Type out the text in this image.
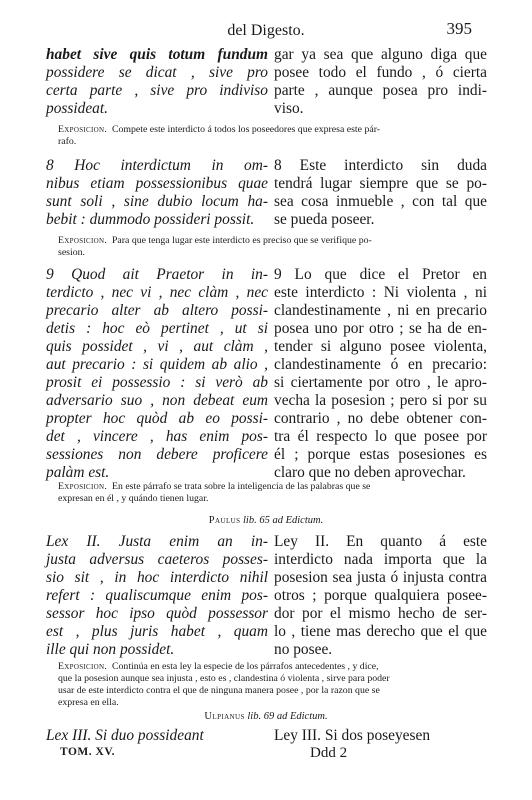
del Digesto.	395
habet sive quis totum fundum
possidere se dicat , sive pro
certa parte , sive pro indiviso
possideat.
gar ya sea que alguno diga que
posee todo el fundo , ó cierta
parte , aunque posea pro indi-
viso.
Exposicion. Compete este interdicto á todos los poseedores que expresa este pár-
rafo.
8 Hoc interdictum in om-
nibus etiam possessionibus quae
sunt soli , sine dubio locum ha-
bebit : dummodo possideri possit.
8 Este interdicto sin duda
tendrá lugar siempre que se po-
sea cosa inmueble , con tal que
se pueda poseer.
Exposicion. Para que tenga lugar este interdicto es preciso que se verifique po-
sesion.
9 Quod ait Praetor in in-
terdicto , nec vi , nec clàm , nec
precario alter ab altero possi-
detis : hoc eò pertinet , ut si
quis possidet , vi , aut clàm ,
aut precario : si quidem ab alio ,
prosit ei possessio : si verò ab
adversario suo , non debeat eum
propter hoc quòd ab eo possi-
det , vincere , has enim pos-
sessiones non debere proficere
palàm est.
9 Lo que dice el Pretor en
este interdicto : Ni violenta , ni
clandestinamente , ni en precario
posea uno por otro ; se ha de en-
tender si alguno posee violenta,
clandestinamente ó en precario:
si ciertamente por otro , le apro-
vecha la posesion ; pero si por su
contrario , no debe obtener con-
tra él respecto lo que posee por
él ; porque estas posesiones es
claro que no deben aprovechar.
Exposicion. En este párrafo se trata sobre la inteligencia de las palabras que se
expresan en él , y quándo tienen lugar.
Paulus lib. 65 ad Edictum.
Lex II. Justa enim an in-
justa adversus caeteros posses-
sio sit , in hoc interdicto nihil
refert : qualiscumque enim pos-
sessor hoc ipso quòd possessor
est , plus juris habet , quam
ille qui non possidet.
Ley II. En quanto á este
interdicto nada importa que la
posesion sea justa ó injusta contra
otros ; porque qualquiera posee-
dor por el mismo hecho de ser-
lo , tiene mas derecho que el que
no posee.
Exposicion. Continúa en esta ley la especie de los párrafos antecedentes , y dice,
que la posesion aunque sea injusta , esto es , clandestina ó violenta , sirve para poder
usar de este interdicto contra el que de ninguna manera posee , por la razon que se
expresa en ella.
Ulpianus lib. 69 ad Edictum.
Lex III. Si duo possideant	Ley III. Si dos poseyesen
TOM. XV.	Ddd 2
